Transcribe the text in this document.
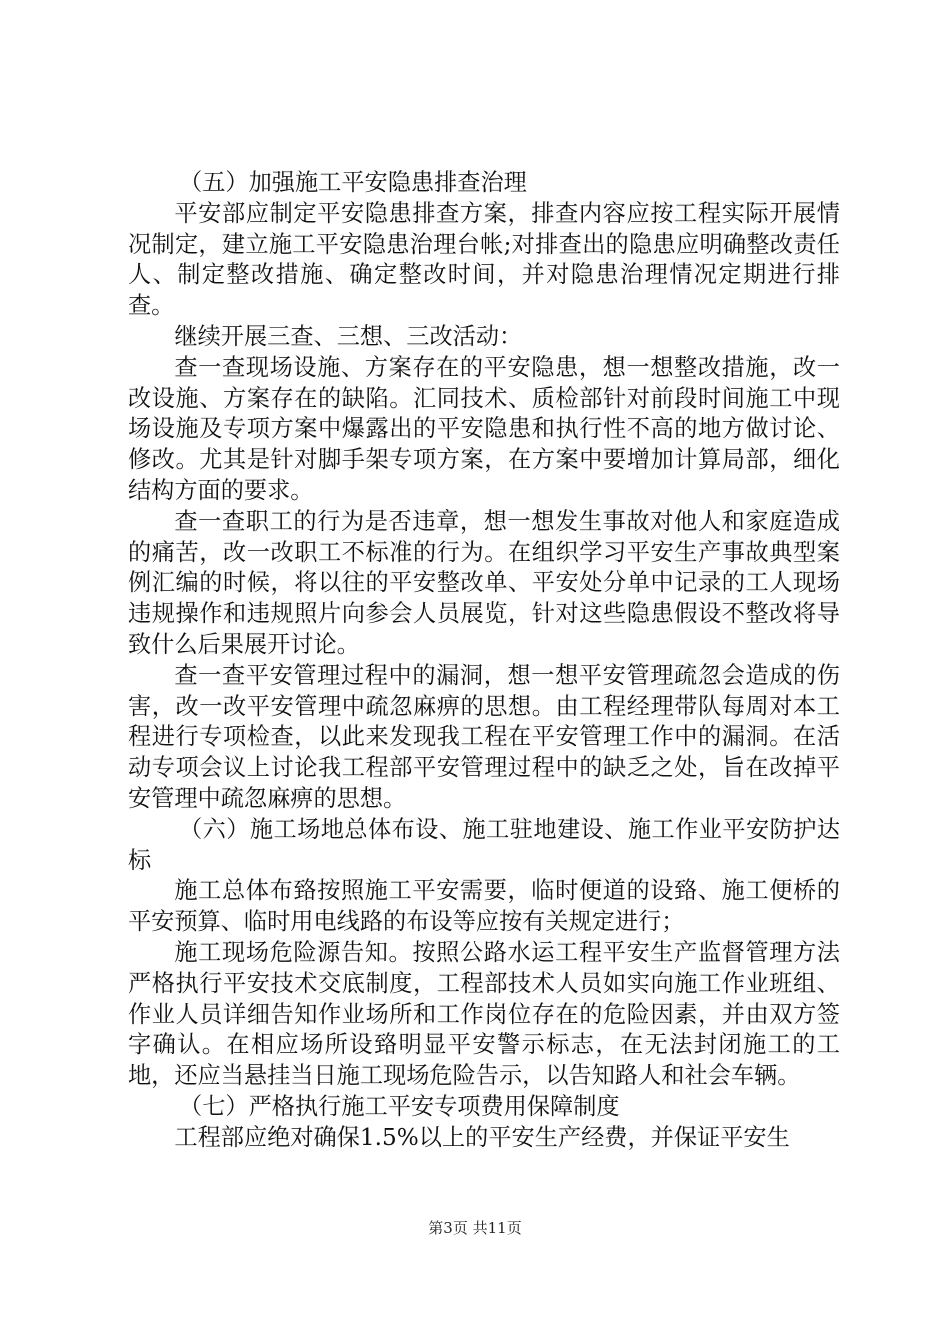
（五）加强施工平安隐患排查治理

平安部应制定平安隐患排查方案，排查内容应按工程实际开展情况制定，建立施工平安隐患治理台帐;对排查出的隐患应明确整改责任人、制定整改措施、确定整改时间，并对隐患治理情况定期进行排查。

继续开展三查、三想、三改活动：

查一查现场设施、方案存在的平安隐患，想一想整改措施，改一改设施、方案存在的缺陷。汇同技术、质检部针对前段时间施工中现场设施及专项方案中爆露出的平安隐患和执行性不高的地方做讨论、修改。尤其是针对脚手架专项方案，在方案中要增加计算局部，细化结构方面的要求。

查一查职工的行为是否违章，想一想发生事故对他人和家庭造成的痛苦，改一改职工不标准的行为。在组织学习平安生产事故典型案例汇编的时候，将以往的平安整改单、平安处分单中记录的工人现场违规操作和违规照片向参会人员展览，针对这些隐患假设不整改将导致什么后果展开讨论。

查一查平安管理过程中的漏洞，想一想平安管理疏忽会造成的伤害，改一改平安管理中疏忽麻痹的思想。由工程经理带队每周对本工程进行专项检查，以此来发现我工程在平安管理工作中的漏洞。在活动专项会议上讨论我工程部平安管理过程中的缺乏之处，旨在改掉平安管理中疏忽麻痹的思想。

（六）施工场地总体布设、施工驻地建设、施工作业平安防护达标

施工总体布臵按照施工平安需要，临时便道的设臵、施工便桥的平安预算、临时用电线路的布设等应按有关规定进行；

施工现场危险源告知。按照公路水运工程平安生产监督管理方法严格执行平安技术交底制度，工程部技术人员如实向施工作业班组、作业人员详细告知作业场所和工作岗位存在的危险因素，并由双方签字确认。在相应场所设臵明显平安警示标志，在无法封闭施工的工地，还应当悬挂当日施工现场危险告示，以告知路人和社会车辆。

（七）严格执行施工平安专项费用保障制度

工程部应绝对确保1.5%以上的平安生产经费，并保证平安生

第3页 共11页
